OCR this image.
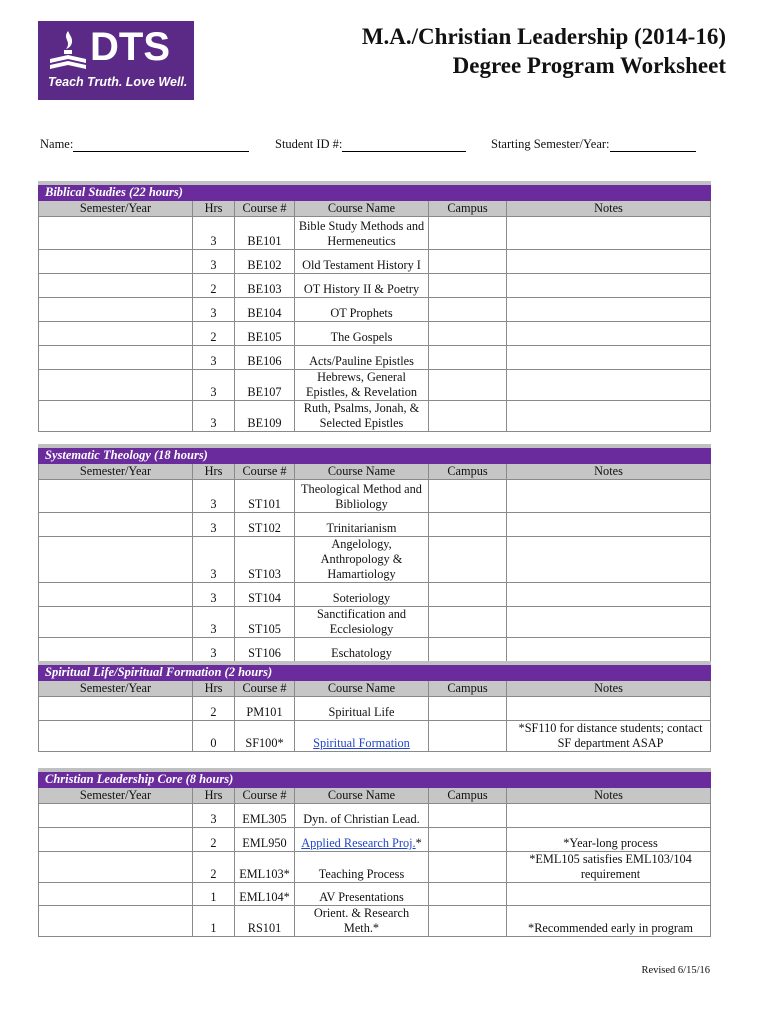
DTS
Teach Truth. Love Well.
M.A./Christian Leadership (2014-16)
Degree Program Worksheet
Name:	Student ID #:	Starting Semester/Year:
Biblical Studies (22 hours)					
Semester/Year	Hrs	Course #	Course Name	Campus	Notes
	3	BE101	Bible Study Methods and Hermeneutics		
	3	BE102	Old Testament History I		
	2	BE103	OT History II & Poetry		
	3	BE104	OT Prophets		
	2	BE105	The Gospels		
	3	BE106	Acts/Pauline Epistles		
	3	BE107	Hebrews, General Epistles, & Revelation		
	3	BE109	Ruth, Psalms, Jonah, & Selected Epistles		
Systematic Theology (18 hours)					
Semester/Year	Hrs	Course #	Course Name	Campus	Notes
	3	ST101	Theological Method and Bibliology		
	3	ST102	Trinitarianism		
	3	ST103	Angelology, Anthropology & Hamartiology		
	3	ST104	Soteriology		
	3	ST105	Sanctification and Ecclesiology		
	3	ST106	Eschatology		
Spiritual Life/Spiritual Formation (2 hours)					
Semester/Year	Hrs	Course #	Course Name	Campus	Notes
	2	PM101	Spiritual Life		
	0	SF100*	Spiritual Formation		*SF110 for distance students; contact SF department ASAP
Christian Leadership Core (8 hours)					
Semester/Year	Hrs	Course #	Course Name	Campus	Notes
	3	EML305	Dyn. of Christian Lead.		
	2	EML950	Applied Research Proj.*		*Year-long process
	2	EML103*	Teaching Process		*EML105 satisfies EML103/104 requirement
	1	EML104*	AV Presentations		
	1	RS101	Orient. & Research Meth.*		*Recommended early in program
Revised 6/15/16
